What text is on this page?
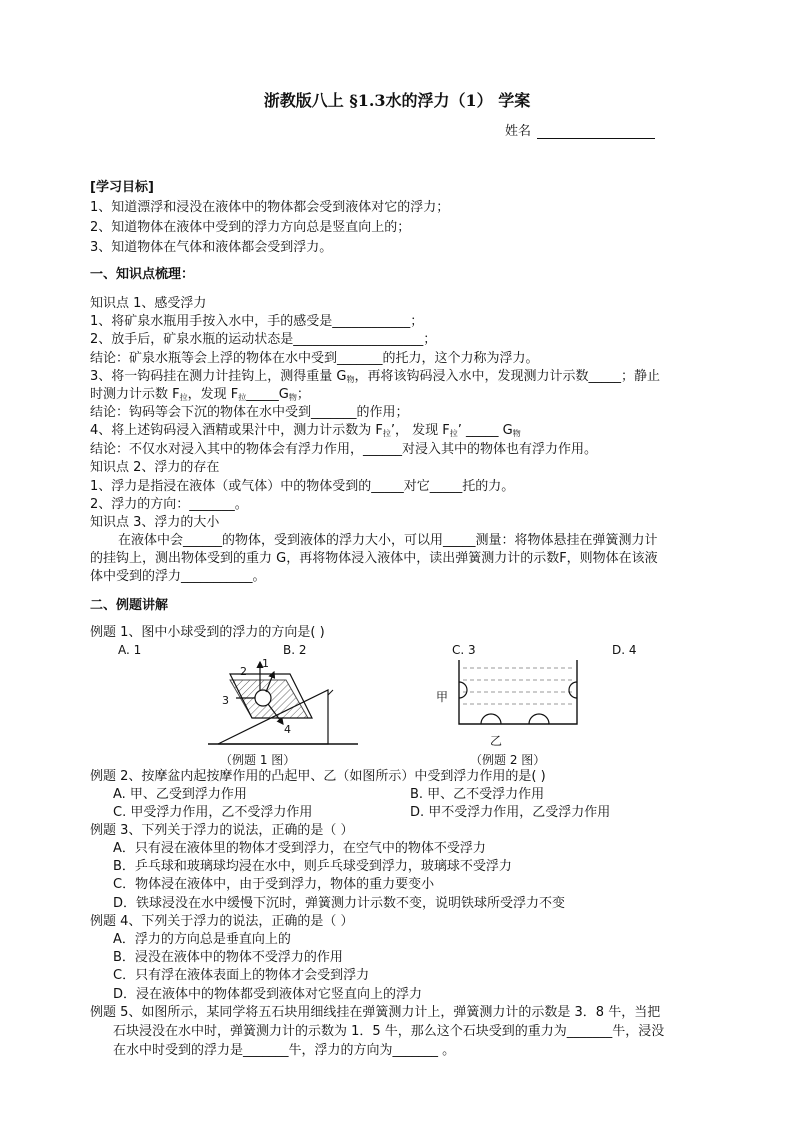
浙教版八上 §1.3水的浮力（1） 学案
姓名
[学习目标]
1、知道漂浮和浸没在液体中的物体都会受到液体对它的浮力；
2、知道物体在液体中受到的浮力方向总是竖直向上的；
3、知道物体在气体和液体都会受到浮力。
一、知识点梳理：
知识点 1、感受浮力
1、将矿泉水瓶用手按入水中，手的感受是____________；
2、放手后，矿泉水瓶的运动状态是____________________；
结论：矿泉水瓶等会上浮的物体在水中受到_______的托力，这个力称为浮力。
3、将一钩码挂在测力计挂钩上，测得重量 $G_物$，再将该钩码浸入水中，发现测力计示数_____；静止
时测力计示数 $F_拉$，发现 $F_拉\_\_\_\_\_G_物$；
结论：钩码等会下沉的物体在水中受到_______的作用；
4、将上述钩码浸入酒精或果汁中，测力计示数为 $F_拉$’， 发现 $F_拉$’ _____ $G_物$
结论：不仅水对浸入其中的物体会有浮力作用，______对浸入其中的物体也有浮力作用。
知识点 2、浮力的存在
1、浮力是指浸在液体（或气体）中的物体受到的_____对它_____托的力。
2、浮力的方向：_______。
知识点 3、浮力的大小
在液体中会______的物体，受到液体的浮力大小，可以用_____测量：将物体悬挂在弹簧测力计
的挂钩上，测出物体受到的重力 G，再将物体浸入液体中，读出弹簧测力计的示数F，则物体在该液
体中受到的浮力___________。
二、例题讲解
例题 1、图中小球受到的浮力的方向是( )
A. 1	B. 2	C. 3	D. 4
1
2
3
4
（例题 1 图）
甲
乙
（例题 2 图）
例题 2、按摩盆内起按摩作用的凸起甲、乙（如图所示）中受到浮力作用的是( )
A. 甲、乙受到浮力作用	B. 甲、乙不受浮力作用
C. 甲受浮力作用，乙不受浮力作用	D. 甲不受浮力作用，乙受浮力作用
例题 3、下列关于浮力的说法，正确的是（ ）
A．只有浸在液体里的物体才受到浮力，在空气中的物体不受浮力
B．乒乓球和玻璃球均浸在水中，则乒乓球受到浮力，玻璃球不受浮力
C．物体浸在液体中，由于受到浮力，物体的重力要变小
D．铁球浸没在水中缓慢下沉时，弹簧测力计示数不变，说明铁球所受浮力不变
例题 4、下列关于浮力的说法，正确的是（ ）
A．浮力的方向总是垂直向上的
B．浸没在液体中的物体不受浮力的作用
C．只有浮在液体表面上的物体才会受到浮力
D．浸在液体中的物体都受到液体对它竖直向上的浮力
例题 5、如图所示，某同学将五石块用细线挂在弹簧测力计上，弹簧测力计的示数是 3．8 牛，当把
石块浸没在水中时，弹簧测力计的示数为 1．5 牛，那么这个石块受到的重力为_______牛，浸没
在水中时受到的浮力是_______牛，浮力的方向为_______ 。
